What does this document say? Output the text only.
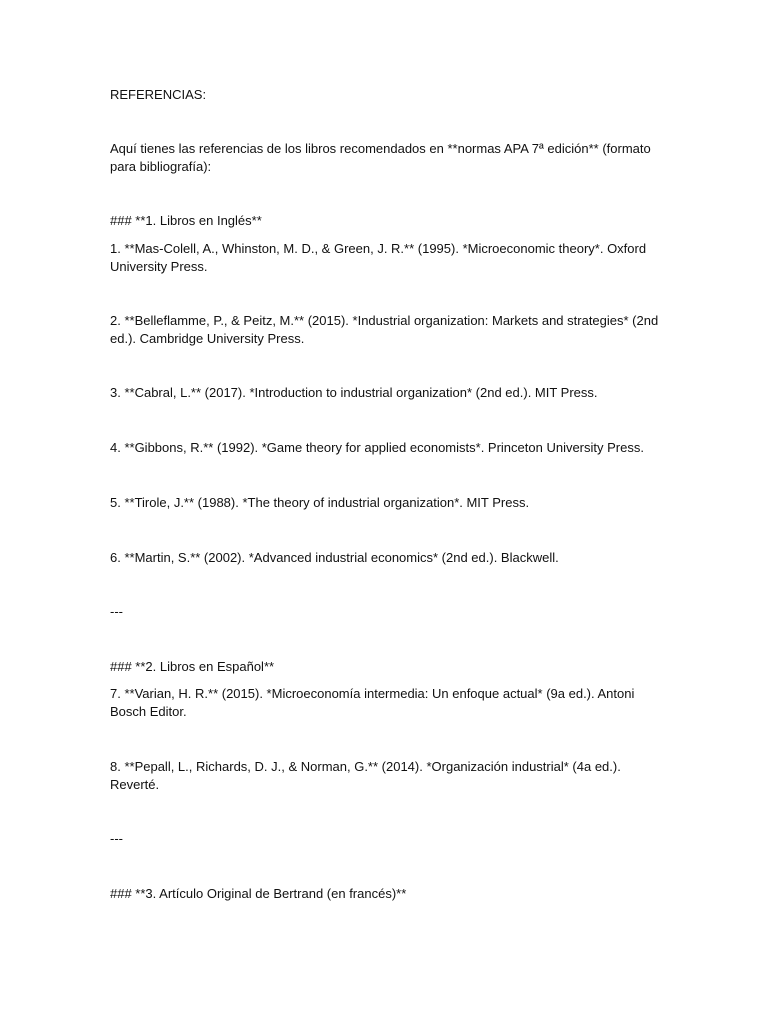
REFERENCIAS:

Aquí tienes las referencias de los libros recomendados en **normas APA 7ª edición** (formato para bibliografía):

### **1. Libros en Inglés**

1. **Mas-Colell, A., Whinston, M. D., & Green, J. R.** (1995). *Microeconomic theory*. Oxford University Press.

2. **Belleflamme, P., & Peitz, M.** (2015). *Industrial organization: Markets and strategies* (2nd ed.). Cambridge University Press.

3. **Cabral, L.** (2017). *Introduction to industrial organization* (2nd ed.). MIT Press.

4. **Gibbons, R.** (1992). *Game theory for applied economists*. Princeton University Press.

5. **Tirole, J.** (1988). *The theory of industrial organization*. MIT Press.

6. **Martin, S.** (2002). *Advanced industrial economics* (2nd ed.). Blackwell.

---

### **2. Libros en Español**

7. **Varian, H. R.** (2015). *Microeconomía intermedia: Un enfoque actual* (9a ed.). Antoni Bosch Editor.

8. **Pepall, L., Richards, D. J., & Norman, G.** (2014). *Organización industrial* (4a ed.). Reverté.

---

### **3. Artículo Original de Bertrand (en francés)**
